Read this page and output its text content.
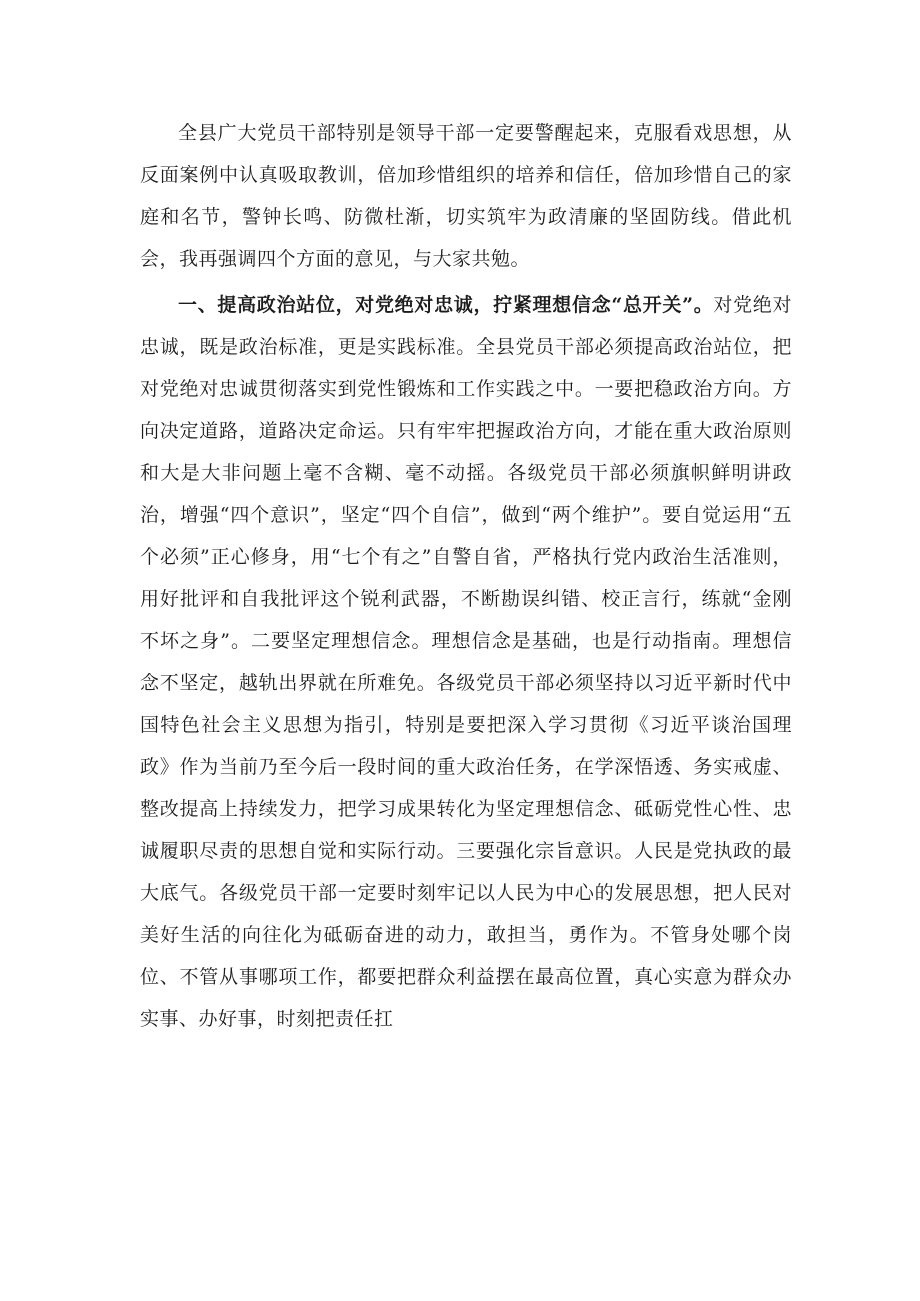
全县广大党员干部特别是领导干部一定要警醒起来，克服看戏思想，从反面案例中认真吸取教训，倍加珍惜组织的培养和信任，倍加珍惜自己的家庭和名节，警钟长鸣、防微杜渐，切实筑牢为政清廉的坚固防线。借此机会，我再强调四个方面的意见，与大家共勉。

一、提高政治站位，对党绝对忠诚，拧紧理想信念“总开关”。对党绝对忠诚，既是政治标准，更是实践标准。全县党员干部必须提高政治站位，把对党绝对忠诚贯彻落实到党性锻炼和工作实践之中。一要把稳政治方向。方向决定道路，道路决定命运。只有牢牢把握政治方向，才能在重大政治原则和大是大非问题上毫不含糊、毫不动摇。各级党员干部必须旗帜鲜明讲政治，增强“四个意识”，坚定“四个自信”，做到“两个维护”。要自觉运用“五个必须”正心修身，用“七个有之”自警自省，严格执行党内政治生活准则，用好批评和自我批评这个锐利武器，不断勘误纠错、校正言行，练就“金刚不坏之身”。二要坚定理想信念。理想信念是基础，也是行动指南。理想信念不坚定，越轨出界就在所难免。各级党员干部必须坚持以习近平新时代中国特色社会主义思想为指引，特别是要把深入学习贯彻《习近平谈治国理政》作为当前乃至今后一段时间的重大政治任务，在学深悟透、务实戒虚、整改提高上持续发力，把学习成果转化为坚定理想信念、砥砺党性心性、忠诚履职尽责的思想自觉和实际行动。三要强化宗旨意识。人民是党执政的最大底气。各级党员干部一定要时刻牢记以人民为中心的发展思想，把人民对美好生活的向往化为砥砺奋进的动力，敢担当，勇作为。不管身处哪个岗位、不管从事哪项工作，都要把群众利益摆在最高位置，真心实意为群众办实事、办好事，时刻把责任扛
